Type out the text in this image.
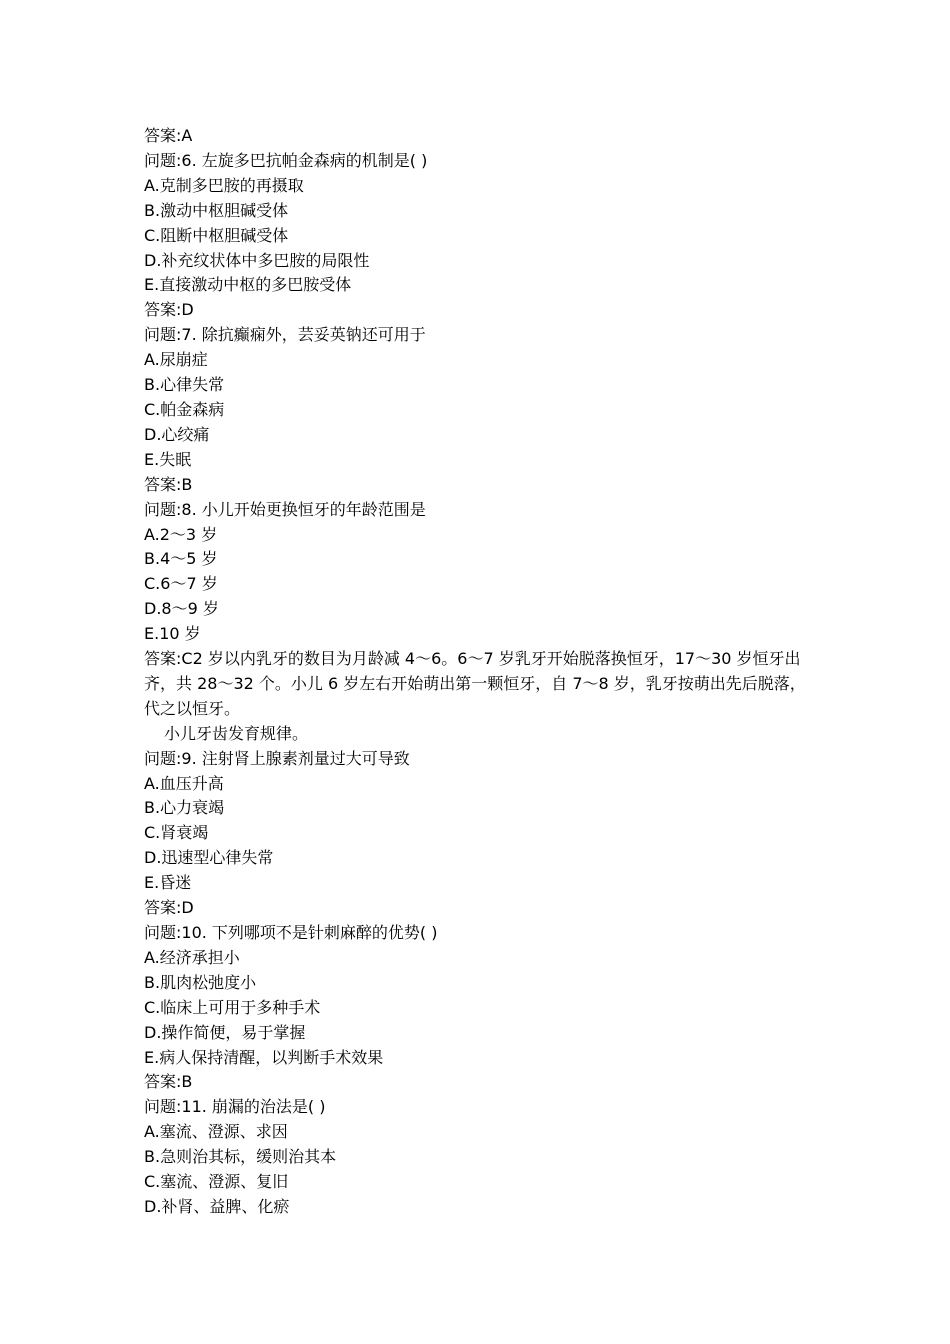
答案:A
问题:6. 左旋多巴抗帕金森病的机制是( )
A.克制多巴胺的再摄取
B.激动中枢胆碱受体
C.阻断中枢胆碱受体
D.补充纹状体中多巴胺的局限性
E.直接激动中枢的多巴胺受体
答案:D
问题:7. 除抗癫痫外，芸妥英钠还可用于
A.尿崩症
B.心律失常
C.帕金森病
D.心绞痛
E.失眠
答案:B
问题:8. 小儿开始更换恒牙的年龄范围是
A.2～3 岁
B.4～5 岁
C.6～7 岁
D.8～9 岁
E.10 岁
答案:C2 岁以内乳牙的数目为月龄减 4～6。6～7 岁乳牙开始脱落换恒牙，17～30 岁恒牙出齐，共 28～32 个。小儿 6 岁左右开始萌出第一颗恒牙，自 7～8 岁，乳牙按萌出先后脱落，代之以恒牙。
小儿牙齿发育规律。
问题:9. 注射肾上腺素剂量过大可导致
A.血压升高
B.心力衰竭
C.肾衰竭
D.迅速型心律失常
E.昏迷
答案:D
问题:10. 下列哪项不是针刺麻醉的优势( )
A.经济承担小
B.肌肉松弛度小
C.临床上可用于多种手术
D.操作简便，易于掌握
E.病人保持清醒，以判断手术效果
答案:B
问题:11. 崩漏的治法是( )
A.塞流、澄源、求因
B.急则治其标，缓则治其本
C.塞流、澄源、复旧
D.补肾、益脾、化瘀
